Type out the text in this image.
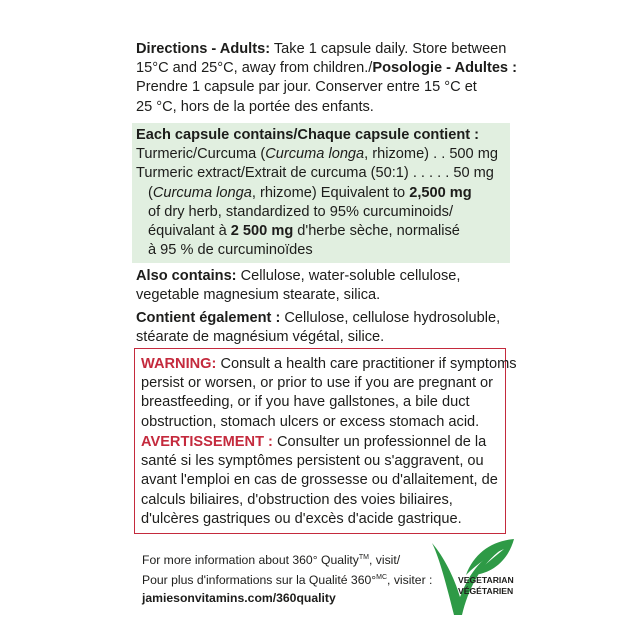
Directions - Adults: Take 1 capsule daily. Store between
15°C and 25°C, away from children./Posologie - Adultes :
Prendre 1 capsule par jour. Conserver entre 15 °C et
25 °C, hors de la portée des enfants.
Each capsule contains/Chaque capsule contient :
Turmeric/Curcuma (Curcuma longa, rhizome) . . 500 mg
Turmeric extract/Extrait de curcuma (50:1) . . . . . 50 mg
(Curcuma longa, rhizome) Equivalent to 2,500 mg
of dry herb, standardized to 95% curcuminoids/
équivalant à 2 500 mg d'herbe sèche, normalisé
à 95 % de curcuminoïdes
Also contains: Cellulose, water-soluble cellulose,
vegetable magnesium stearate, silica.
Contient également : Cellulose, cellulose hydrosoluble, stéarate de magnésium végétal, silice.
WARNING: Consult a health care practitioner if symptoms
persist or worsen, or prior to use if you are pregnant or
breastfeeding, or if you have gallstones, a bile duct
obstruction, stomach ulcers or excess stomach acid.
AVERTISSEMENT : Consulter un professionnel de la santé si les symptômes persistent ou s'aggravent, ou avant l'emploi en cas de grossesse ou d'allaitement, de calculs biliaires, d'obstruction des voies biliaires, d'ulcères gastriques ou d'excès d'acide gastrique.
For more information about 360° Quality™, visit/
Pour plus d'informations sur la Qualité 360°$^{MC}$, visiter :
jamiesonvitamins.com/360quality
VEGETARIAN
VÉGÉTARIEN
